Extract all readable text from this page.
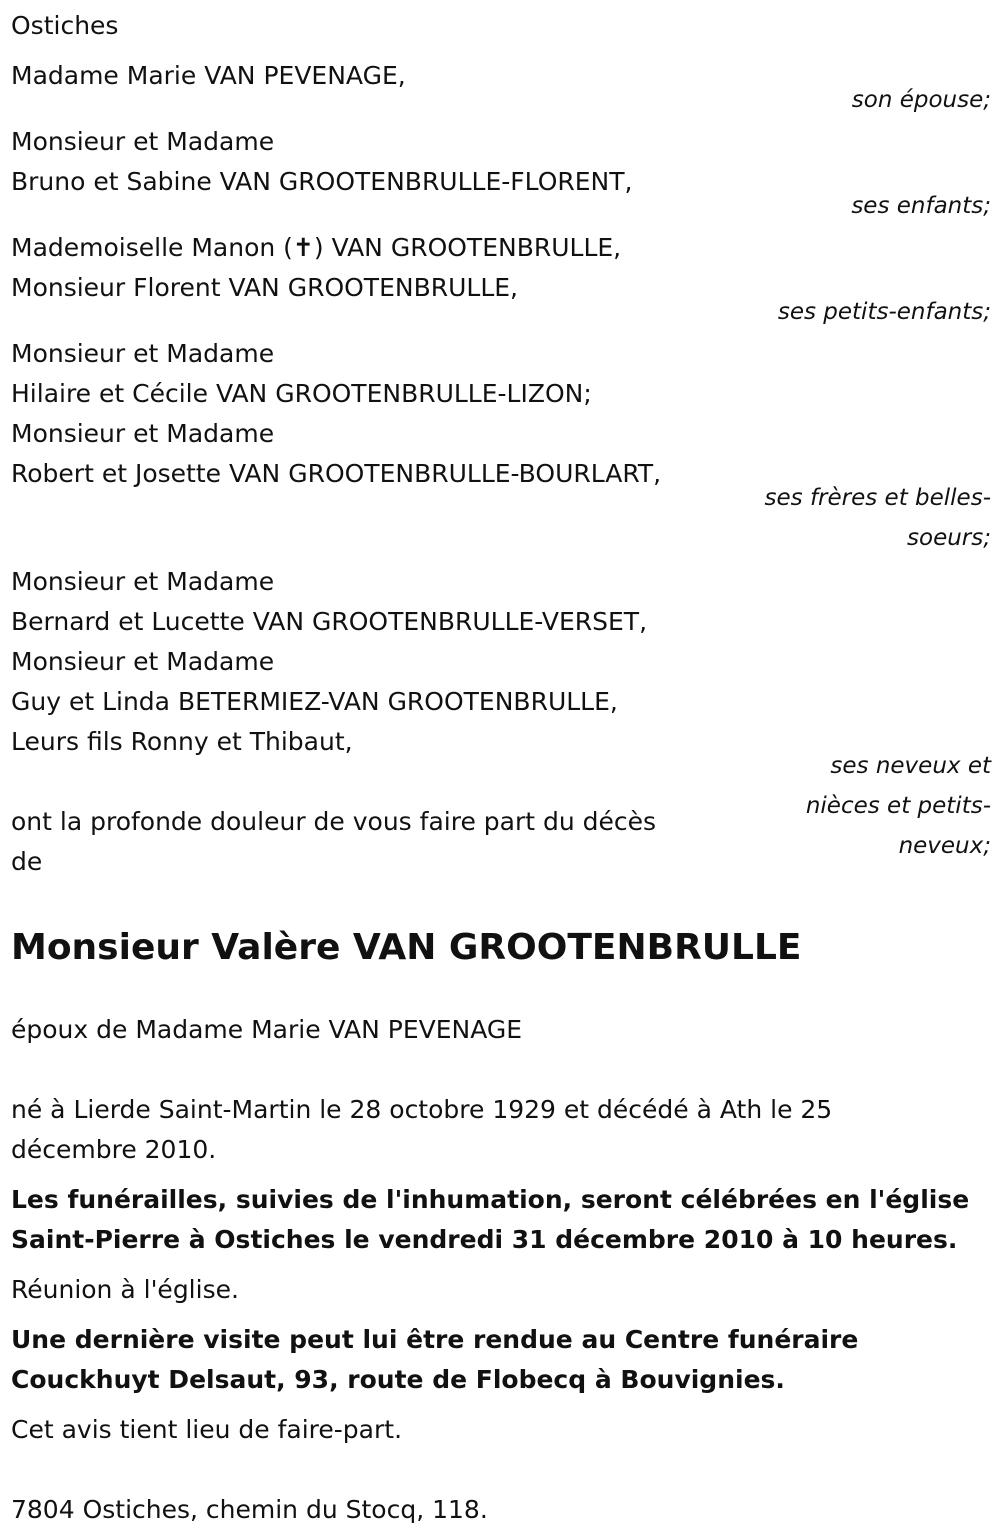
Ostiches
Madame Marie VAN PEVENAGE,
son épouse;
Monsieur et Madame
Bruno et Sabine VAN GROOTENBRULLE-FLORENT,
ses enfants;
Mademoiselle Manon (✝) VAN GROOTENBRULLE,
Monsieur Florent VAN GROOTENBRULLE,
ses petits-enfants;
Monsieur et Madame
Hilaire et Cécile VAN GROOTENBRULLE-LIZON;
Monsieur et Madame
Robert et Josette VAN GROOTENBRULLE-BOURLART,
ses frères et belles-
soeurs;
Monsieur et Madame
Bernard et Lucette VAN GROOTENBRULLE-VERSET,
Monsieur et Madame
Guy et Linda BETERMIEZ-VAN GROOTENBRULLE,
Leurs fils Ronny et Thibaut,
ont la profonde douleur de vous faire part du décès
de
ses neveux et
nièces et petits-
neveux;
Monsieur Valère VAN GROOTENBRULLE
époux de Madame Marie VAN PEVENAGE
né à Lierde Saint-Martin le 28 octobre 1929 et décédé à Ath le 25 décembre 2010.
Les funérailles, suivies de l'inhumation, seront célébrées en l'église Saint-Pierre à Ostiches le vendredi 31 décembre 2010 à 10 heures.
Réunion à l'église.
Une dernière visite peut lui être rendue au Centre funéraire Couckhuyt Delsaut, 93, route de Flobecq à Bouvignies.
Cet avis tient lieu de faire-part.
7804 Ostiches, chemin du Stocq, 118.
